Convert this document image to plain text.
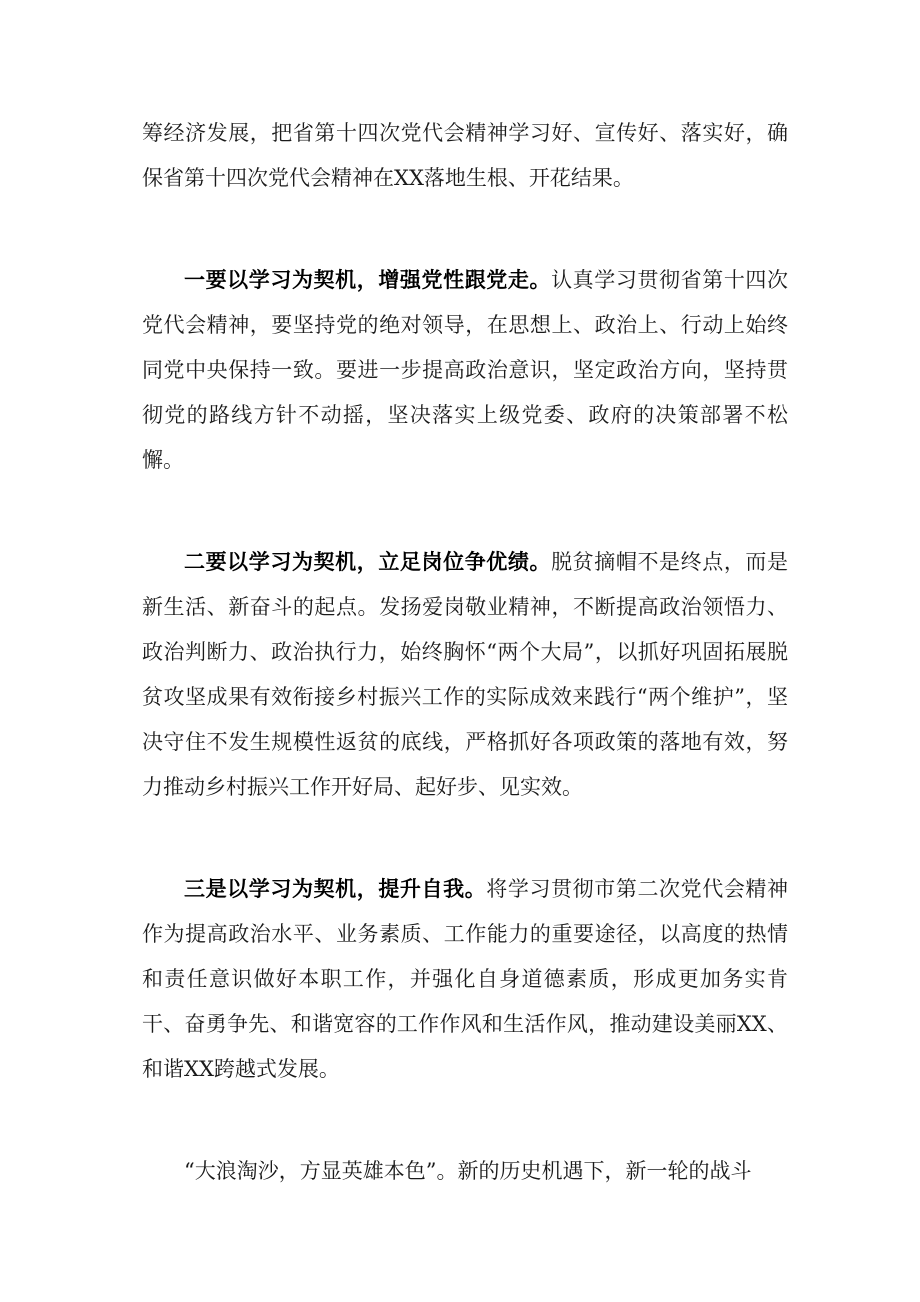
筹经济发展，把省第十四次党代会精神学习好、宣传好、落实好，确保省第十四次党代会精神在XX落地生根、开花结果。

一要以学习为契机，增强党性跟党走。认真学习贯彻省第十四次党代会精神，要坚持党的绝对领导，在思想上、政治上、行动上始终同党中央保持一致。要进一步提高政治意识，坚定政治方向，坚持贯彻党的路线方针不动摇，坚决落实上级党委、政府的决策部署不松懈。

二要以学习为契机，立足岗位争优绩。脱贫摘帽不是终点，而是新生活、新奋斗的起点。发扬爱岗敬业精神，不断提高政治领悟力、政治判断力、政治执行力，始终胸怀“两个大局”，以抓好巩固拓展脱贫攻坚成果有效衔接乡村振兴工作的实际成效来践行“两个维护”，坚决守住不发生规模性返贫的底线，严格抓好各项政策的落地有效，努力推动乡村振兴工作开好局、起好步、见实效。

三是以学习为契机，提升自我。将学习贯彻市第二次党代会精神作为提高政治水平、业务素质、工作能力的重要途径，以高度的热情和责任意识做好本职工作，并强化自身道德素质，形成更加务实肯干、奋勇争先、和谐宽容的工作作风和生活作风，推动建设美丽XX、和谐XX跨越式发展。

“大浪淘沙，方显英雄本色”。新的历史机遇下，新一轮的战斗
